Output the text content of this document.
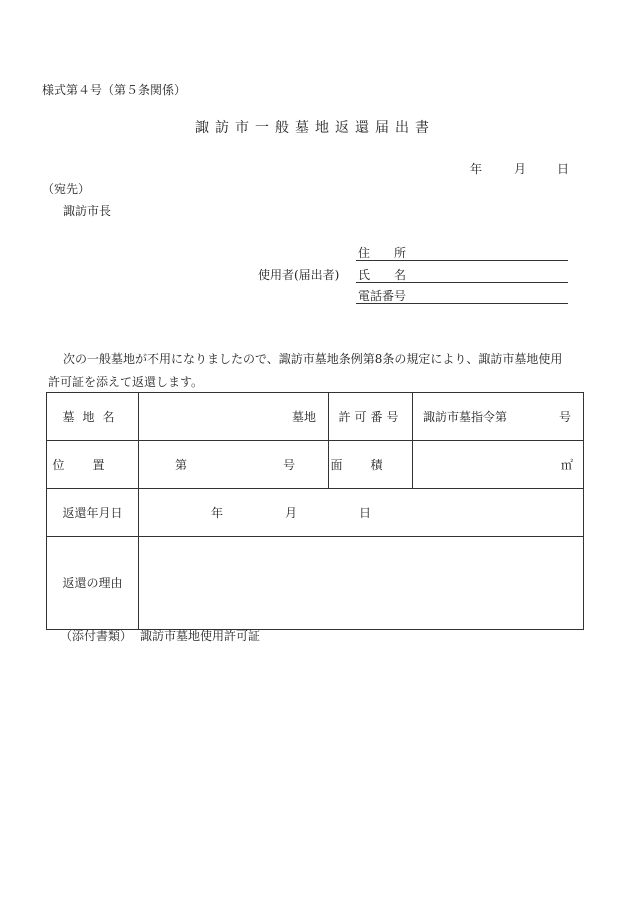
様式第４号（第５条関係）
諏訪市一般墓地返還届出書
年	月	日
（宛先）
諏訪市長
使用者(届出者)
住　　所
氏　　名
電話番号
次の一般墓地が不用になりましたので、諏訪市墓地条例第8条の規定により、諏訪市墓地使用
許可証を添えて返還します。
墓地名	墓地	許可番号	諏訪市墓指令第 号

位置	第 号	面積	㎡

返還年月日	年 月 日		

返還の理由			
（添付書類） 諏訪市墓地使用許可証
